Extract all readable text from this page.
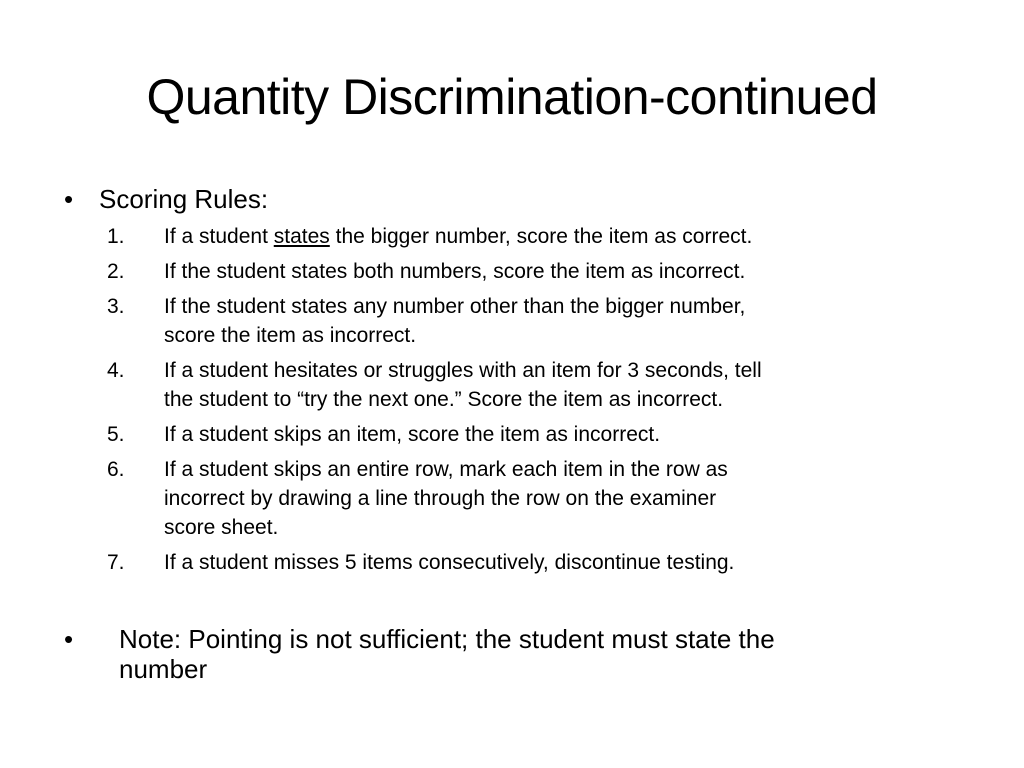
Quantity Discrimination-continued
• Scoring Rules:
1. If a student states the bigger number, score the item as correct.
2. If the student states both numbers, score the item as incorrect.
3. If the student states any number other than the bigger number,
score the item as incorrect.
4. If a student hesitates or struggles with an item for 3 seconds, tell
the student to “try the next one.” Score the item as incorrect.
5. If a student skips an item, score the item as incorrect.
6. If a student skips an entire row, mark each item in the row as
incorrect by drawing a line through the row on the examiner
score sheet.
7. If a student misses 5 items consecutively, discontinue testing.
• Note: Pointing is not sufficient; the student must state the
number
